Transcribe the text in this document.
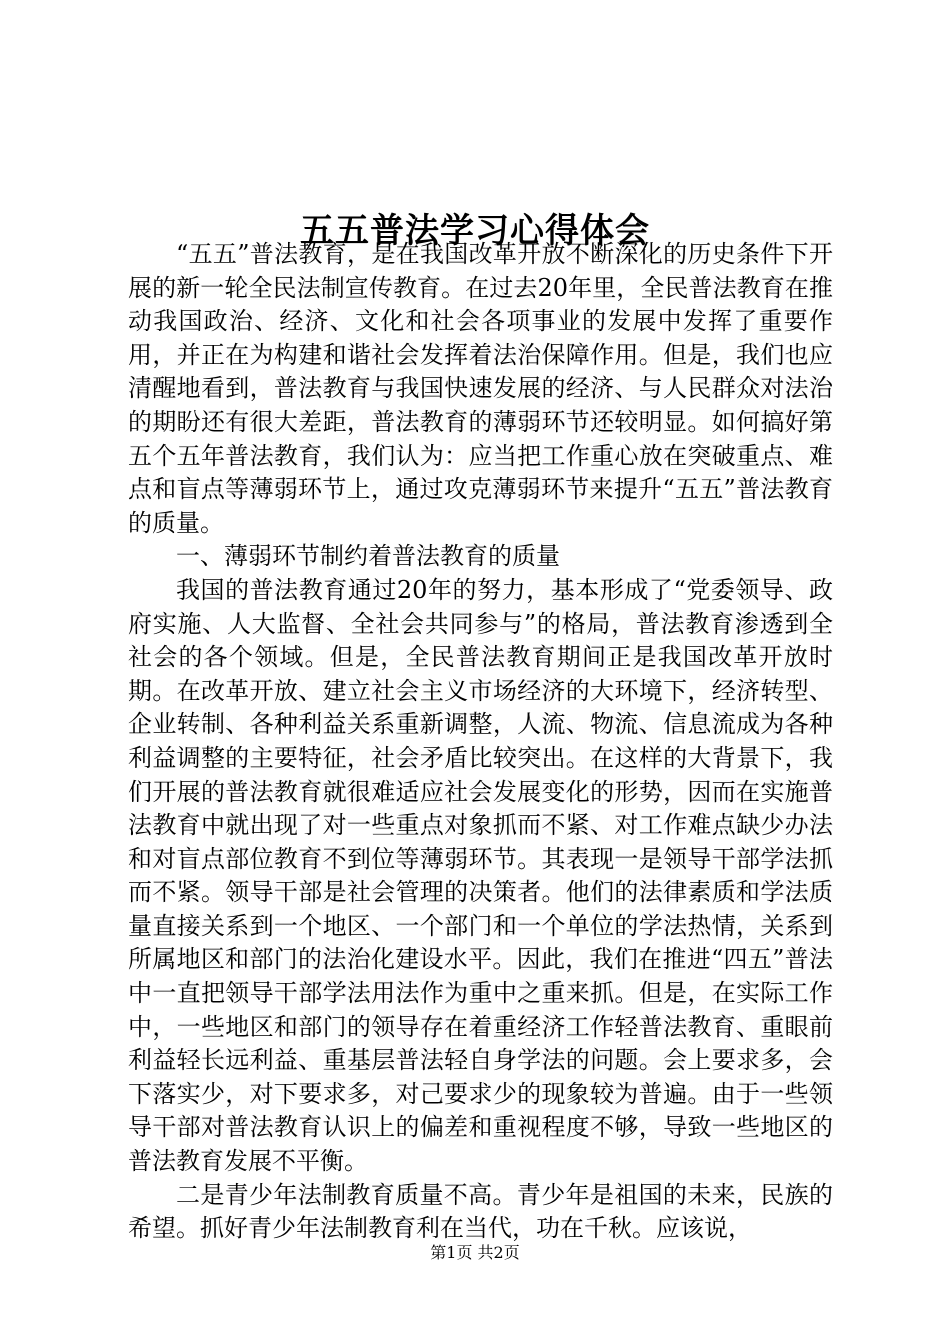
五五普法学习心得体会

“五五”普法教育，是在我国改革开放不断深化的历史条件下开展的新一轮全民法制宣传教育。在过去20年里，全民普法教育在推动我国政治、经济、文化和社会各项事业的发展中发挥了重要作用，并正在为构建和谐社会发挥着法治保障作用。但是，我们也应清醒地看到，普法教育与我国快速发展的经济、与人民群众对法治的期盼还有很大差距，普法教育的薄弱环节还较明显。如何搞好第五个五年普法教育，我们认为：应当把工作重心放在突破重点、难点和盲点等薄弱环节上，通过攻克薄弱环节来提升“五五”普法教育的质量。

一、薄弱环节制约着普法教育的质量

我国的普法教育通过20年的努力，基本形成了“党委领导、政府实施、人大监督、全社会共同参与”的格局，普法教育渗透到全社会的各个领域。但是，全民普法教育期间正是我国改革开放时期。在改革开放、建立社会主义市场经济的大环境下，经济转型、企业转制、各种利益关系重新调整，人流、物流、信息流成为各种利益调整的主要特征，社会矛盾比较突出。在这样的大背景下，我们开展的普法教育就很难适应社会发展变化的形势，因而在实施普法教育中就出现了对一些重点对象抓而不紧、对工作难点缺少办法和对盲点部位教育不到位等薄弱环节。其表现一是领导干部学法抓而不紧。领导干部是社会管理的决策者。他们的法律素质和学法质量直接关系到一个地区、一个部门和一个单位的学法热情，关系到所属地区和部门的法治化建设水平。因此，我们在推进“四五”普法中一直把领导干部学法用法作为重中之重来抓。但是，在实际工作中，一些地区和部门的领导存在着重经济工作轻普法教育、重眼前利益轻长远利益、重基层普法轻自身学法的问题。会上要求多，会下落实少，对下要求多，对己要求少的现象较为普遍。由于一些领导干部对普法教育认识上的偏差和重视程度不够，导致一些地区的普法教育发展不平衡。

二是青少年法制教育质量不高。青少年是祖国的未来，民族的希望。抓好青少年法制教育利在当代，功在千秋。应该说，

第1页 共2页
